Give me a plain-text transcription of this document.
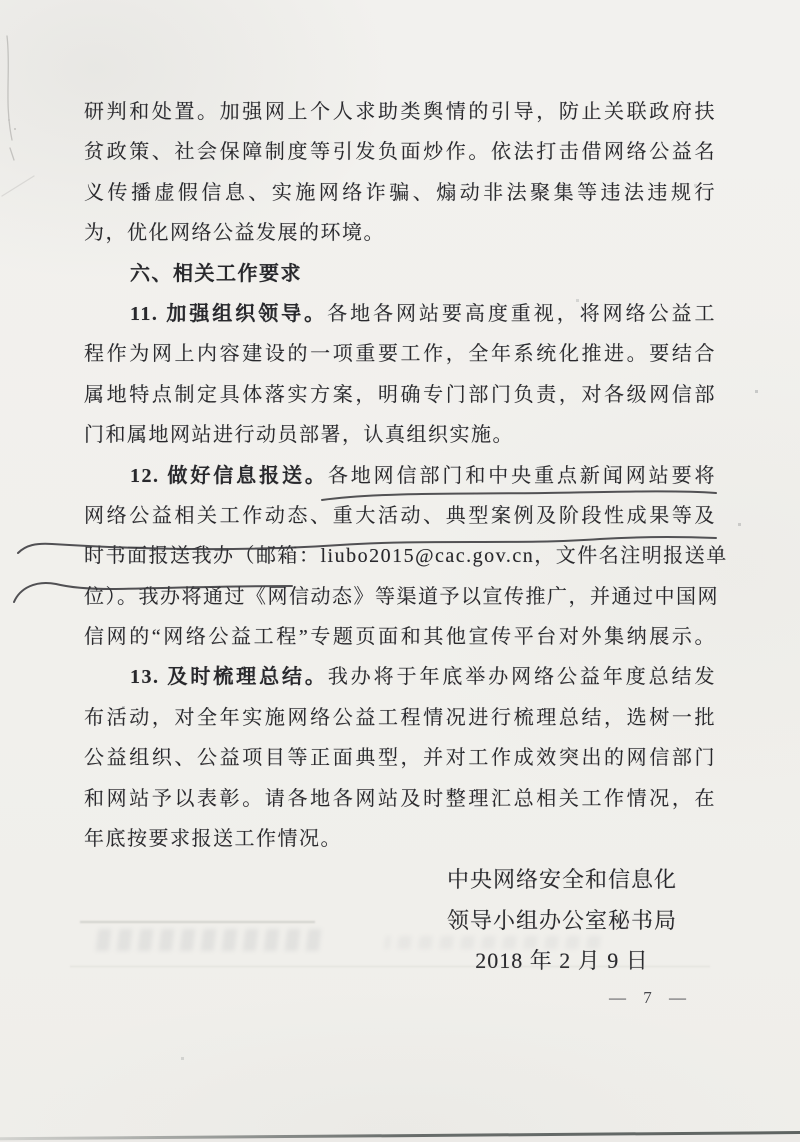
研判和处置。加强网上个人求助类舆情的引导，防止关联政府扶
贫政策、社会保障制度等引发负面炒作。依法打击借网络公益名
义传播虚假信息、实施网络诈骗、煽动非法聚集等违法违规行
为，优化网络公益发展的环境。
六、相关工作要求
11. 加强组织领导。各地各网站要高度重视，将网络公益工
程作为网上内容建设的一项重要工作，全年系统化推进。要结合
属地特点制定具体落实方案，明确专门部门负责，对各级网信部
门和属地网站进行动员部署，认真组织实施。
12. 做好信息报送。各地网信部门和中央重点新闻网站要将
网络公益相关工作动态、重大活动、典型案例及阶段性成果等及
时书面报送我办（邮箱：liubo2015@cac.gov.cn，文件名注明报送单
位）。我办将通过《网信动态》等渠道予以宣传推广，并通过中国网
信网的“网络公益工程”专题页面和其他宣传平台对外集纳展示。
13. 及时梳理总结。我办将于年底举办网络公益年度总结发
布活动，对全年实施网络公益工程情况进行梳理总结，选树一批
公益组织、公益项目等正面典型，并对工作成效突出的网信部门
和网站予以表彰。请各地各网站及时整理汇总相关工作情况，在
年底按要求报送工作情况。
中央网络安全和信息化
领导小组办公室秘书局
2018 年 2 月 9 日
— 7 —
